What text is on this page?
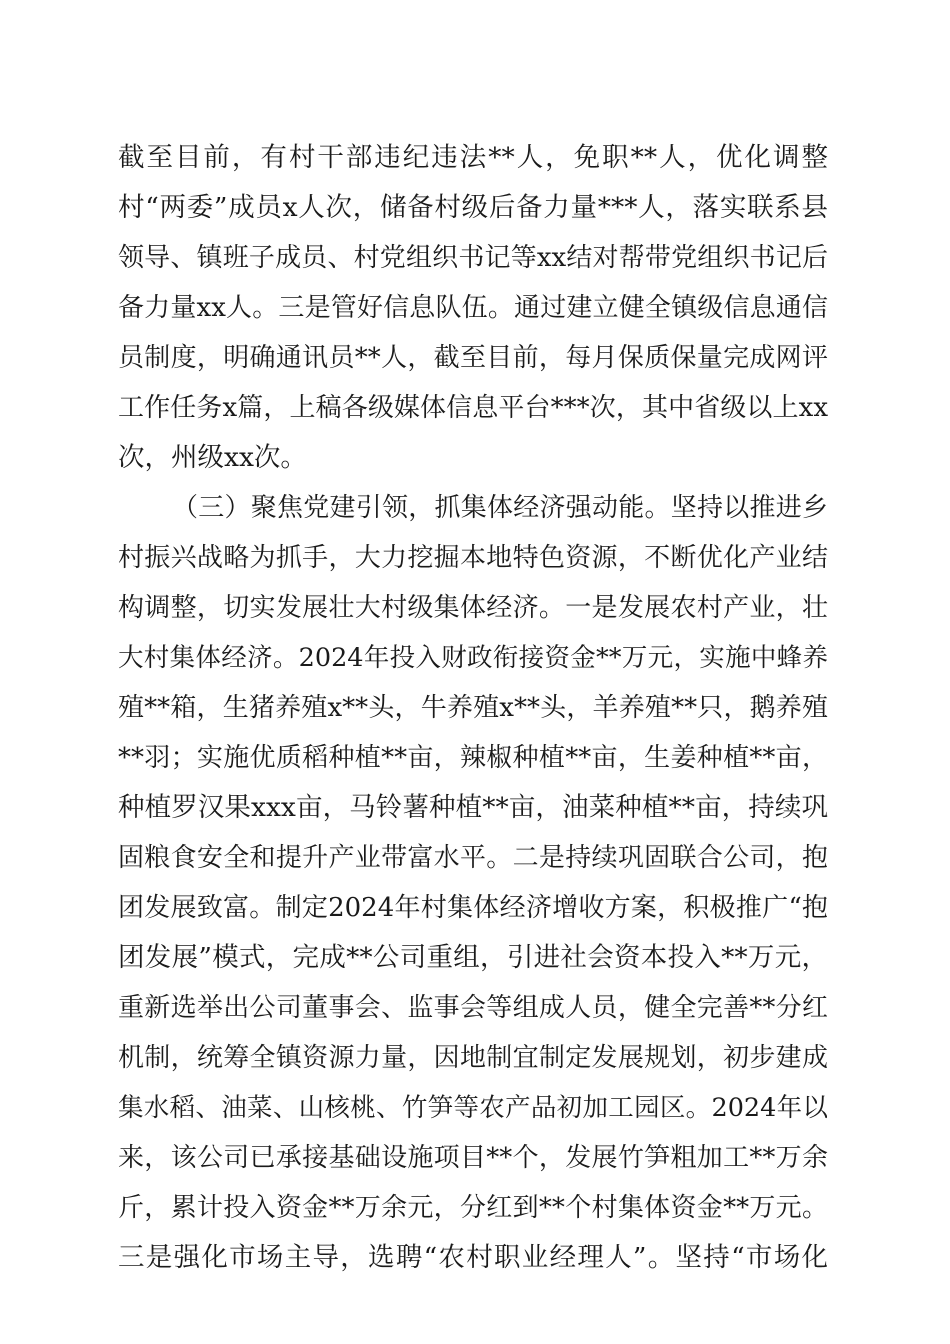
截至目前，有村干部违纪违法**人，免职**人，优化调整
村“两委”成员x人次，储备村级后备力量***人，落实联系县
领导、镇班子成员、村党组织书记等xx结对帮带党组织书记后
备力量xx人。三是管好信息队伍。通过建立健全镇级信息通信
员制度，明确通讯员**人，截至目前，每月保质保量完成网评
工作任务x篇，上稿各级媒体信息平台***次，其中省级以上xx
次，州级xx次。
（三）聚焦党建引领，抓集体经济强动能。坚持以推进乡
村振兴战略为抓手，大力挖掘本地特色资源，不断优化产业结
构调整，切实发展壮大村级集体经济。一是发展农村产业，壮
大村集体经济。2024年投入财政衔接资金**万元，实施中蜂养
殖**箱，生猪养殖x**头，牛养殖x**头，羊养殖**只，鹅养殖
**羽；实施优质稻种植**亩，辣椒种植**亩，生姜种植**亩，
种植罗汉果xxx亩，马铃薯种植**亩，油菜种植**亩，持续巩
固粮食安全和提升产业带富水平。二是持续巩固联合公司，抱
团发展致富。制定2024年村集体经济增收方案，积极推广“抱
团发展”模式，完成**公司重组，引进社会资本投入**万元，
重新选举出公司董事会、监事会等组成人员，健全完善**分红
机制，统筹全镇资源力量，因地制宜制定发展规划，初步建成
集水稻、油菜、山核桃、竹笋等农产品初加工园区。2024年以
来，该公司已承接基础设施项目**个，发展竹笋粗加工**万余
斤，累计投入资金**万余元，分红到**个村集体资金**万元。
三是强化市场主导，选聘“农村职业经理人”。坚持“市场化
